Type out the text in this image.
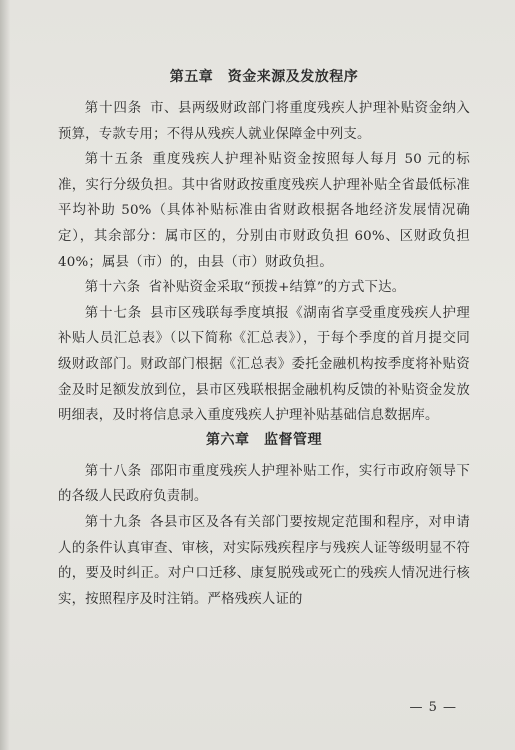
第五章　资金来源及发放程序

第十四条 市、县两级财政部门将重度残疾人护理补贴资金纳入预算，专款专用；不得从残疾人就业保障金中列支。

第十五条 重度残疾人护理补贴资金按照每人每月 50 元的标准，实行分级负担。其中省财政按重度残疾人护理补贴全省最低标准平均补助 50%（具体补贴标准由省财政根据各地经济发展情况确定），其余部分：属市区的，分别由市财政负担 60%、区财政负担 40%；属县（市）的，由县（市）财政负担。

第十六条 省补贴资金采取“预拨+结算”的方式下达。

第十七条 县市区残联每季度填报《湖南省享受重度残疾人护理补贴人员汇总表》（以下简称《汇总表》），于每个季度的首月提交同级财政部门。财政部门根据《汇总表》委托金融机构按季度将补贴资金及时足额发放到位，县市区残联根据金融机构反馈的补贴资金发放明细表，及时将信息录入重度残疾人护理补贴基础信息数据库。

第六章　监督管理

第十八条 邵阳市重度残疾人护理补贴工作，实行市政府领导下的各级人民政府负责制。

第十九条 各县市区及各有关部门要按规定范围和程序，对申请人的条件认真审查、审核，对实际残疾程序与残疾人证等级明显不符的，要及时纠正。对户口迁移、康复脱残或死亡的残疾人情况进行核实，按照程序及时注销。严格残疾人证的

— 5 —
